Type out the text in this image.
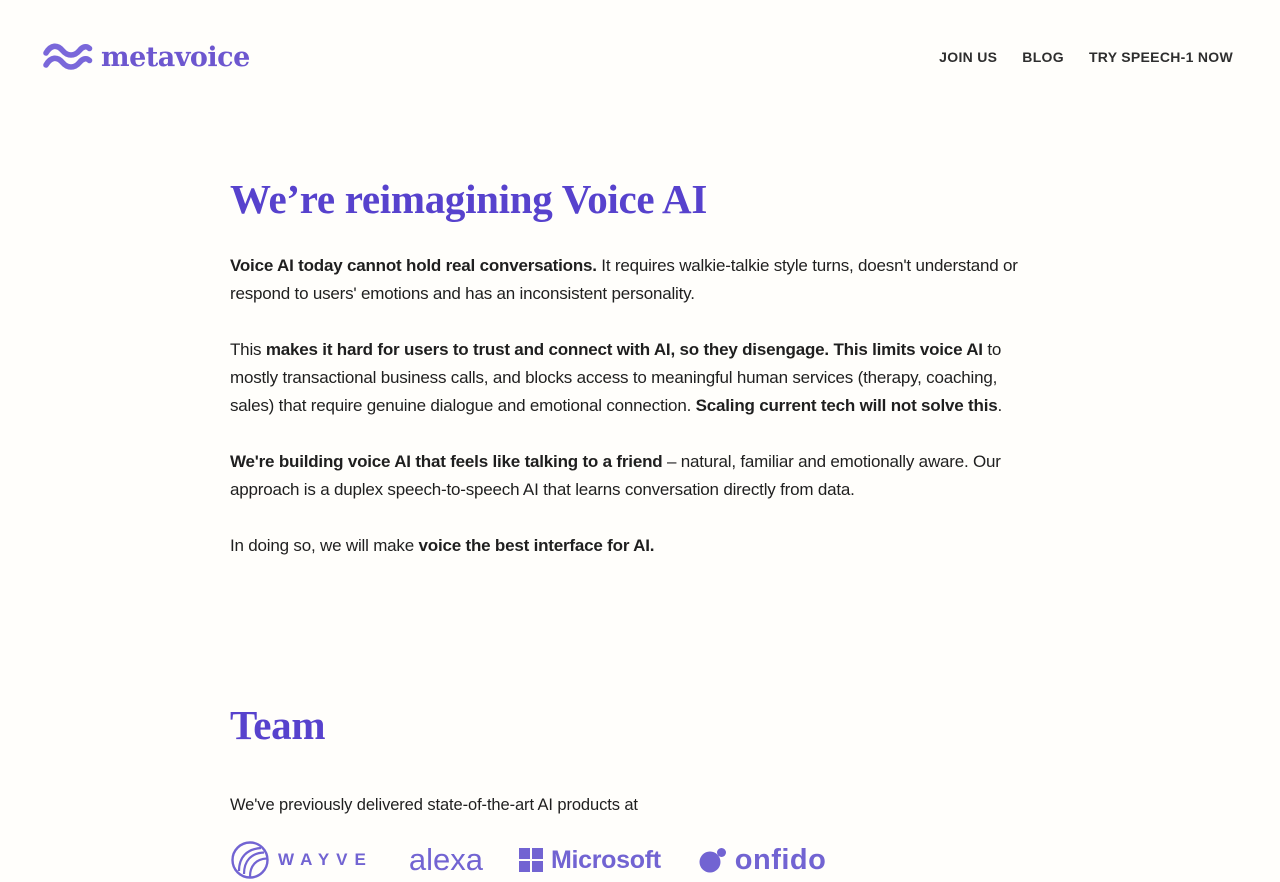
metavoice	JOIN US BLOG TRY SPEECH-1 NOW
We’re reimagining Voice AI

Voice AI today cannot hold real conversations. It requires walkie-talkie style turns, doesn't understand or respond to users' emotions and has an inconsistent personality.

This makes it hard for users to trust and connect with AI, so they disengage. This limits voice AI to mostly transactional business calls, and blocks access to meaningful human services (therapy, coaching, sales) that require genuine dialogue and emotional connection. Scaling current tech will not solve this.

We're building voice AI that feels like talking to a friend – natural, familiar and emotionally aware. Our approach is a duplex speech-to-speech AI that learns conversation directly from data.

In doing so, we will make voice the best interface for AI.

Team

We've previously delivered state-of-the-art AI products at

WAYVE alexa	Microsoft	onfido
